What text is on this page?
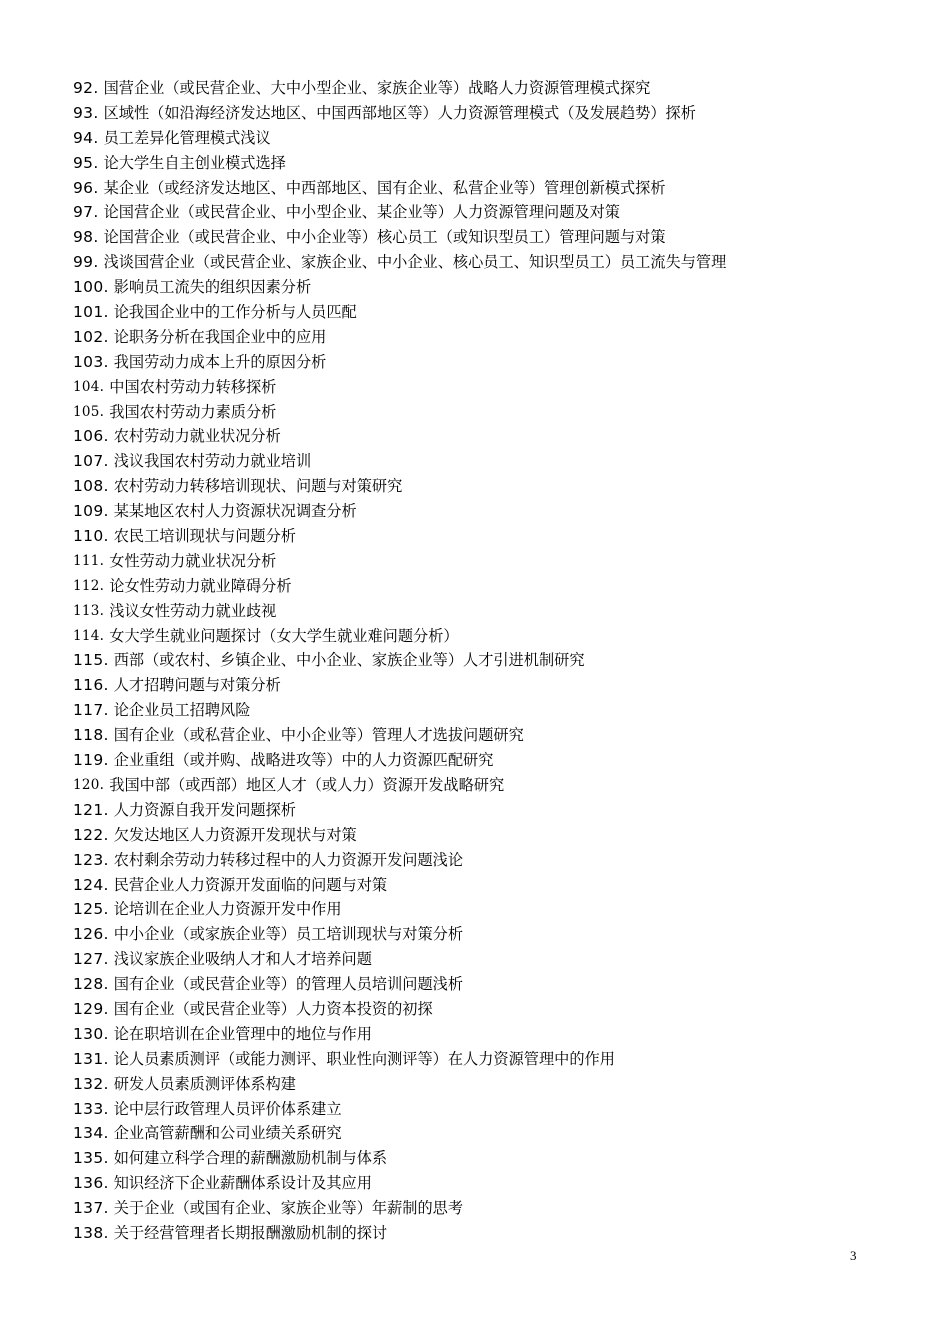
92. 国营企业（或民营企业、大中小型企业、家族企业等）战略人力资源管理模式探究
93. 区域性（如沿海经济发达地区、中国西部地区等）人力资源管理模式（及发展趋势）探析
94. 员工差异化管理模式浅议
95. 论大学生自主创业模式选择
96. 某企业（或经济发达地区、中西部地区、国有企业、私营企业等）管理创新模式探析
97. 论国营企业（或民营企业、中小型企业、某企业等）人力资源管理问题及对策
98. 论国营企业（或民营企业、中小企业等）核心员工（或知识型员工）管理问题与对策
99. 浅谈国营企业（或民营企业、家族企业、中小企业、核心员工、知识型员工）员工流失与管理
100. 影响员工流失的组织因素分析
101. 论我国企业中的工作分析与人员匹配
102. 论职务分析在我国企业中的应用
103. 我国劳动力成本上升的原因分析
104. 中国农村劳动力转移探析
105. 我国农村劳动力素质分析
106. 农村劳动力就业状况分析
107. 浅议我国农村劳动力就业培训
108. 农村劳动力转移培训现状、问题与对策研究
109. 某某地区农村人力资源状况调查分析
110. 农民工培训现状与问题分析
111. 女性劳动力就业状况分析
112. 论女性劳动力就业障碍分析
113. 浅议女性劳动力就业歧视
114. 女大学生就业问题探讨（女大学生就业难问题分析）
115. 西部（或农村、乡镇企业、中小企业、家族企业等）人才引进机制研究
116. 人才招聘问题与对策分析
117. 论企业员工招聘风险
118. 国有企业（或私营企业、中小企业等）管理人才选拔问题研究
119. 企业重组（或并购、战略进攻等）中的人力资源匹配研究
120. 我国中部（或西部）地区人才（或人力）资源开发战略研究
121. 人力资源自我开发问题探析
122. 欠发达地区人力资源开发现状与对策
123. 农村剩余劳动力转移过程中的人力资源开发问题浅论
124. 民营企业人力资源开发面临的问题与对策
125. 论培训在企业人力资源开发中作用
126. 中小企业（或家族企业等）员工培训现状与对策分析
127. 浅议家族企业吸纳人才和人才培养问题
128. 国有企业（或民营企业等）的管理人员培训问题浅析
129. 国有企业（或民营企业等）人力资本投资的初探
130. 论在职培训在企业管理中的地位与作用
131. 论人员素质测评（或能力测评、职业性向测评等）在人力资源管理中的作用
132. 研发人员素质测评体系构建
133. 论中层行政管理人员评价体系建立
134. 企业高管薪酬和公司业绩关系研究
135. 如何建立科学合理的薪酬激励机制与体系
136. 知识经济下企业薪酬体系设计及其应用
137. 关于企业（或国有企业、家族企业等）年薪制的思考
138. 关于经营管理者长期报酬激励机制的探讨
3
